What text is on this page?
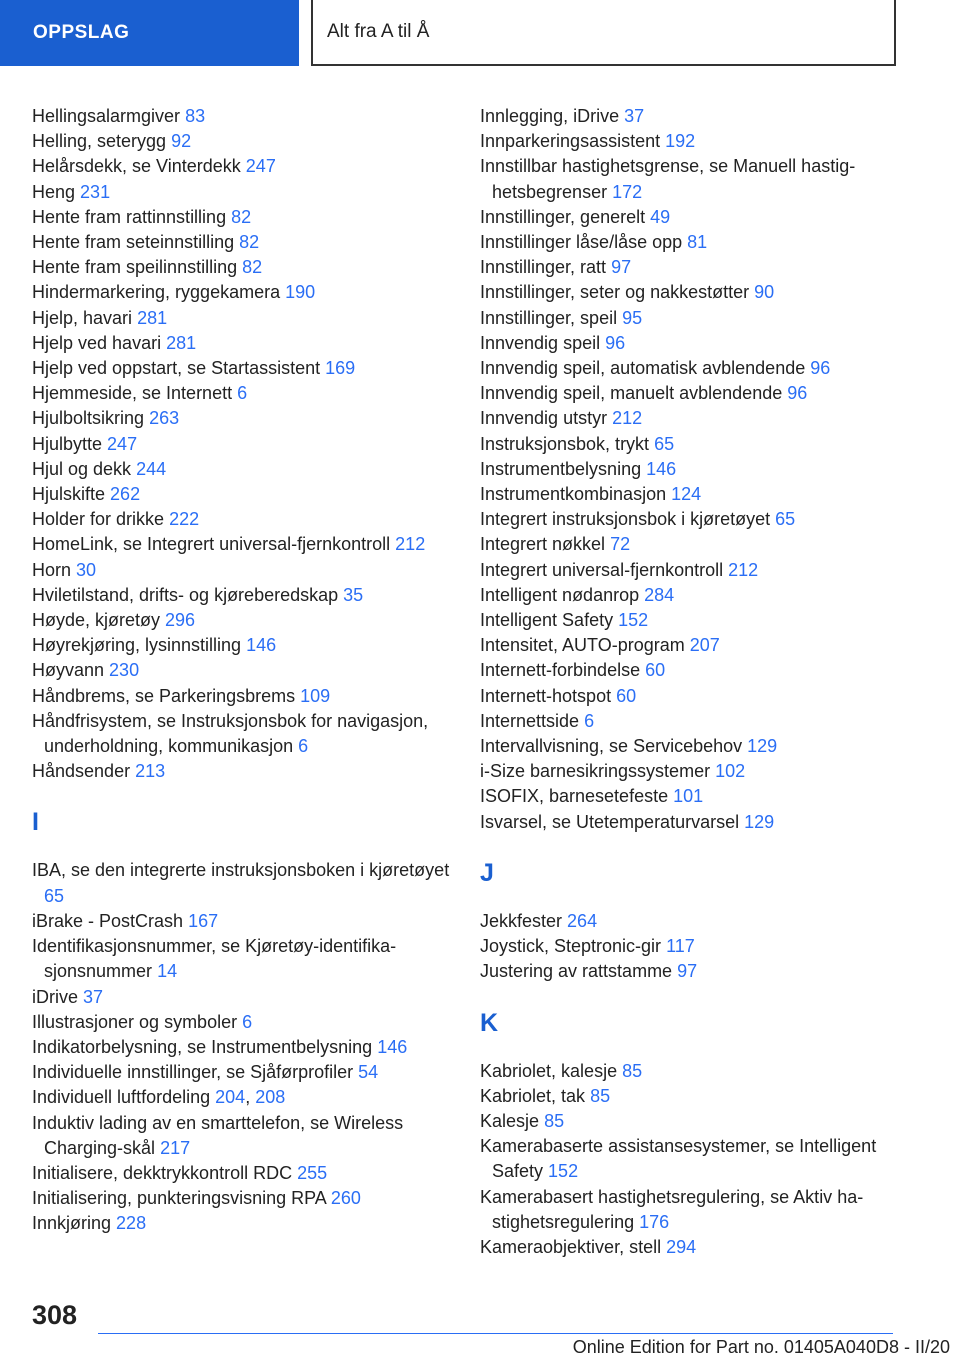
OPPSLAG	Alt fra A til Å
Hellingsalarmgiver 83
Helling, seterygg 92
Helårsdekk, se Vinterdekk 247
Heng 231
Hente fram rattinnstilling 82
Hente fram seteinnstilling 82
Hente fram speilinnstilling 82
Hindermarkering, ryggekamera 190
Hjelp, havari 281
Hjelp ved havari 281
Hjelp ved oppstart, se Startassistent 169
Hjemmeside, se Internett 6
Hjulboltsikring 263
Hjulbytte 247
Hjul og dekk 244
Hjulskifte 262
Holder for drikke 222
HomeLink, se Integrert universal-fjernkontroll 212
Horn 30
Hviletilstand, drifts- og kjøreberedskap 35
Høyde, kjøretøy 296
Høyrekjøring, lysinnstilling 146
Høyvann 230
Håndbrems, se Parkeringsbrems 109
Håndfrisystem, se Instruksjonsbok for navigasjon, underholdning, kommunikasjon 6
Håndsender 213
I
IBA, se den integrerte instruksjonsboken i kjøretøyet 65
iBrake - PostCrash 167
Identifikasjonsnummer, se Kjøretøy-identifikasjonsnummer 14
iDrive 37
Illustrasjoner og symboler 6
Indikatorbelysning, se Instrumentbelysning 146
Individuelle innstillinger, se Sjåførprofiler 54
Individuell luftfordeling 204, 208
Induktiv lading av en smarttelefon, se Wireless Charging-skål 217
Initialisere, dekktrykkontroll RDC 255
Initialisering, punkteringsvisning RPA 260
Innkjøring 228
Innlegging, iDrive 37
Innparkeringsassistent 192
Innstillbar hastighetsgrense, se Manuell hastighetsbegrenser 172
Innstillinger, generelt 49
Innstillinger låse/låse opp 81
Innstillinger, ratt 97
Innstillinger, seter og nakkestøtter 90
Innstillinger, speil 95
Innvendig speil 96
Innvendig speil, automatisk avblendende 96
Innvendig speil, manuelt avblendende 96
Innvendig utstyr 212
Instruksjonsbok, trykt 65
Instrumentbelysning 146
Instrumentkombinasjon 124
Integrert instruksjonsbok i kjøretøyet 65
Integrert nøkkel 72
Integrert universal-fjernkontroll 212
Intelligent nødanrop 284
Intelligent Safety 152
Intensitet, AUTO-program 207
Internett-forbindelse 60
Internett-hotspot 60
Internettside 6
Intervallvisning, se Servicebehov 129
i-Size barnesikringssystemer 102
ISOFIX, barnesetefeste 101
Isvarsel, se Utetemperaturvarsel 129
J
Jekkfester 264
Joystick, Steptronic-gir 117
Justering av rattstamme 97
K
Kabriolet, kalesje 85
Kabriolet, tak 85
Kalesje 85
Kamerabaserte assistansesystemer, se Intelligent Safety 152
Kamerabasert hastighetsregulering, se Aktiv hastighetsregulering 176
Kameraobjektiver, stell 294
308
Online Edition for Part no. 01405A040D8 - II/20
